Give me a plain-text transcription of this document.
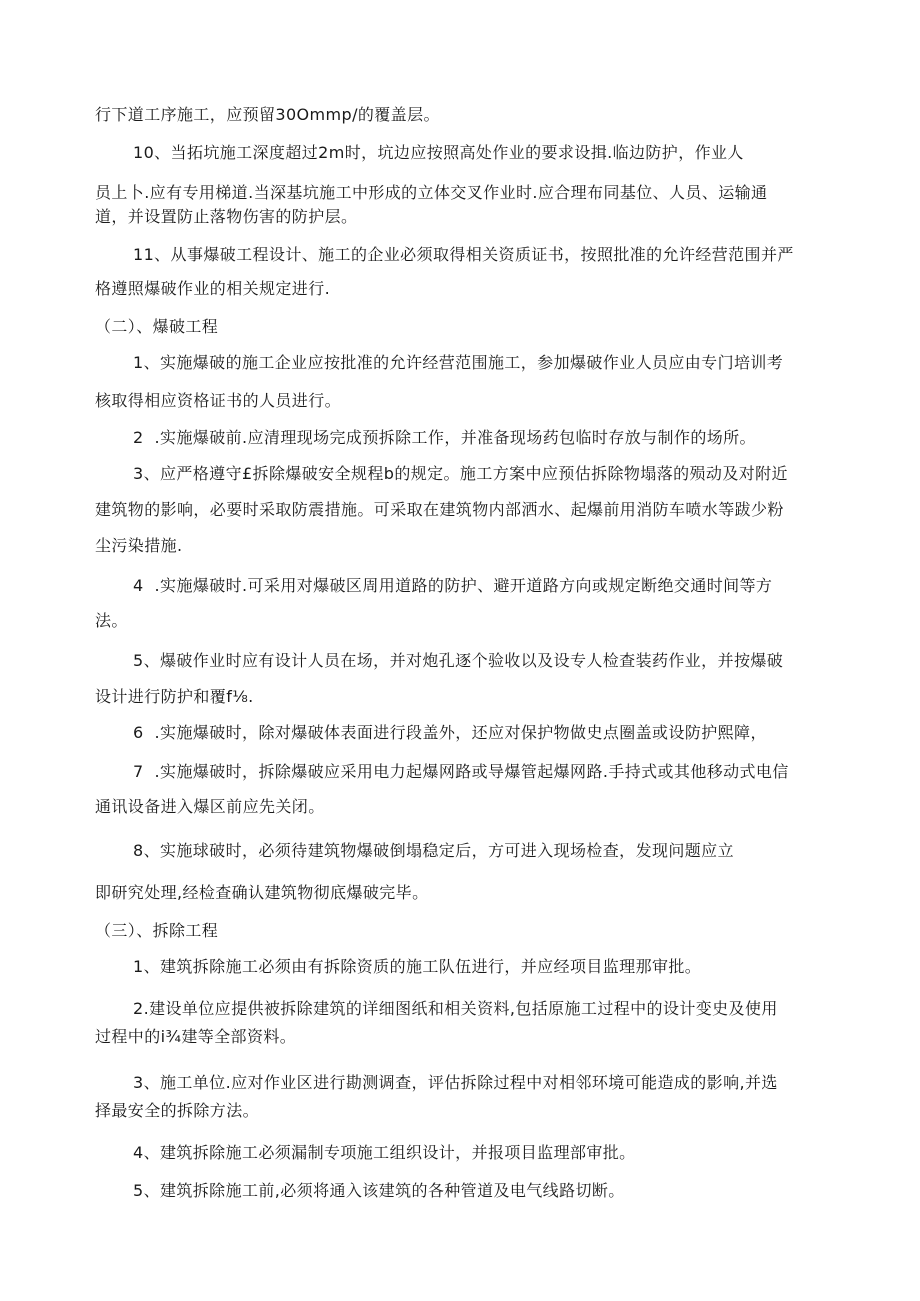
行下道工序施工，应预留30Ommp/的覆盖层。
10、当拓坑施工深度超过2m时，坑边应按照高处作业的要求设揖.临边防护，作业人
员上卜.应有专用梯道.当深基坑施工中形成的立体交叉作业时.应合理布同基位、人员、运输通
道，并设置防止落物伤害的防护层。
11、从事爆破工程设计、施工的企业必须取得相关资质证书，按照批准的允许经营范围并严
格遵照爆破作业的相关规定进行.
（二）、爆破工程
1、实施爆破的施工企业应按批准的允许经营范围施工，参加爆破作业人员应由专门培训考
核取得相应资格证书的人员进行。
2  .实施爆破前.应清理现场完成预拆除工作，并准备现场药包临时存放与制作的场所。
3、应严格遵守£拆除爆破安全规程b的规定。施工方案中应预估拆除物塌落的殒动及对附近
建筑物的影响，必要时采取防震措施。可采取在建筑物内部洒水、起爆前用消防车喷水等跋少粉
尘污染措施.
4  .实施爆破时.可采用对爆破区周用道路的防护、避开道路方向或规定断绝交通时间等方
法。
5、爆破作业时应有设计人员在场，并对炮孔逐个验收以及设专人检查装药作业，并按爆破
设计进行防护和覆f⅛.
6  .实施爆破时，除对爆破体表面进行段盖外，还应对保护物做史点圈盖或设防护熙障，
7  .实施爆破时，拆除爆破应采用电力起爆网路或导爆管起爆网路.手持式或其他移动式电信
通讯设备进入爆区前应先关闭。
8、实施球破时，必须待建筑物爆破倒塌稳定后，方可进入现场检查，发现问题应立
即研究处理,经检查确认建筑物彻底爆破完毕。
（三）、拆除工程
1、建筑拆除施工必须由有拆除资质的施工队伍进行，并应经项目监理那审批。
2.建设单位应提供被拆除建筑的详细图纸和相关资料,包括原施工过程中的设计变史及使用
过程中的i¾建等全部资料。
3、施工单位.应对作业区进行勘测调查，评估拆除过程中对相邻环境可能造成的影响,并选
择最安全的拆除方法。
4、建筑拆除施工必须漏制专项施工组织设计，并报项目监理部审批。
5、建筑拆除施工前,必须将通入该建筑的各种管道及电气线路切断。
